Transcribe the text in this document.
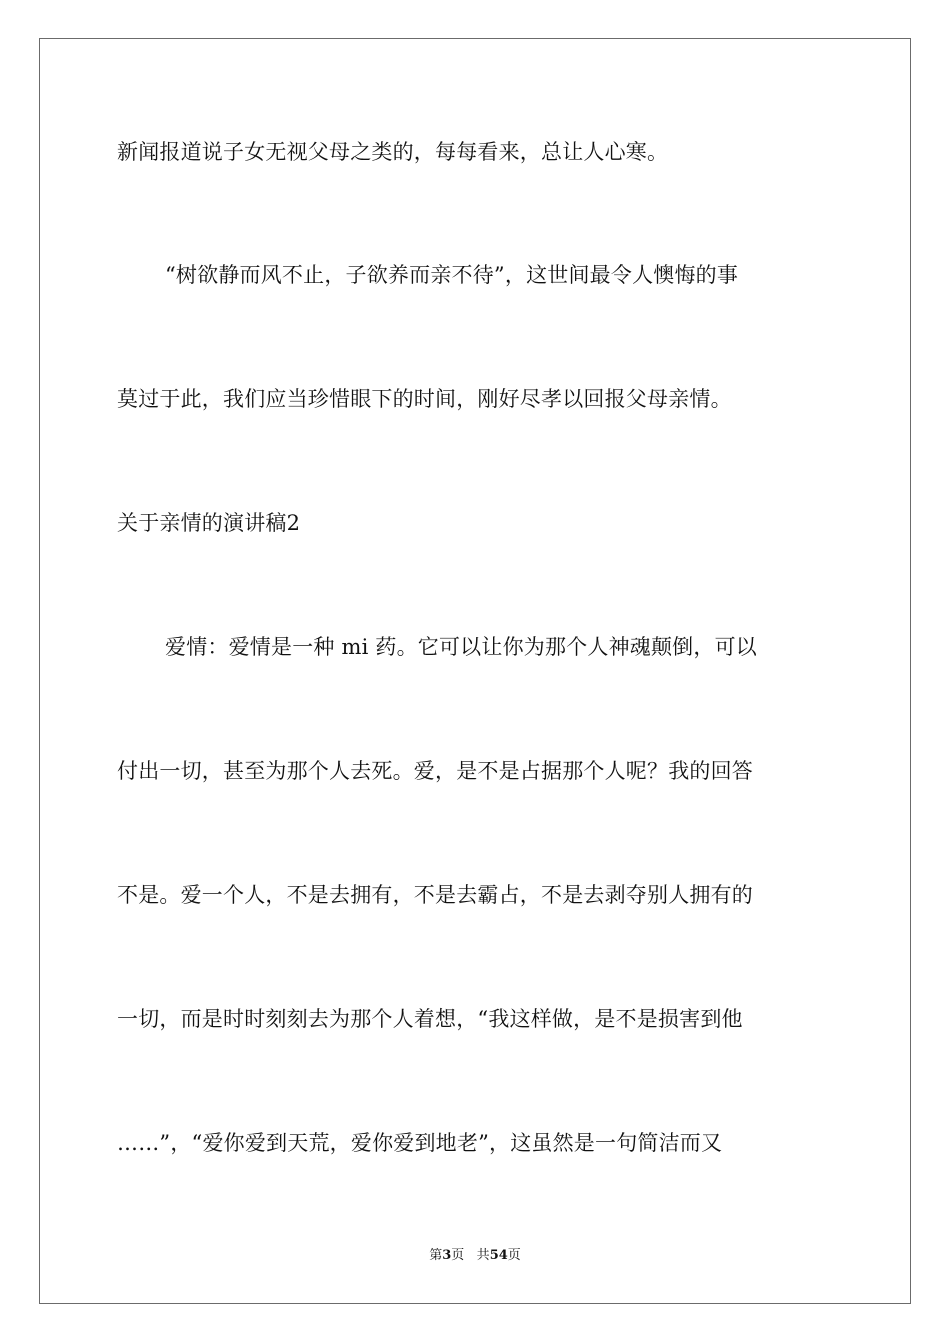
新闻报道说子女无视父母之类的，每每看来，总让人心寒。
“树欲静而风不止，子欲养而亲不待”，这世间最令人懊悔的事
莫过于此，我们应当珍惜眼下的时间，刚好尽孝以回报父母亲情。
关于亲情的演讲稿2
爱情：爱情是一种 mi 药。它可以让你为那个人神魂颠倒，可以
付出一切，甚至为那个人去死。爱，是不是占据那个人呢？我的回答
不是。爱一个人，不是去拥有，不是去霸占，不是去剥夺别人拥有的
一切，而是时时刻刻去为那个人着想，“我这样做，是不是损害到他
……”，“爱你爱到天荒，爱你爱到地老”，这虽然是一句简洁而又
第3页 共54页
